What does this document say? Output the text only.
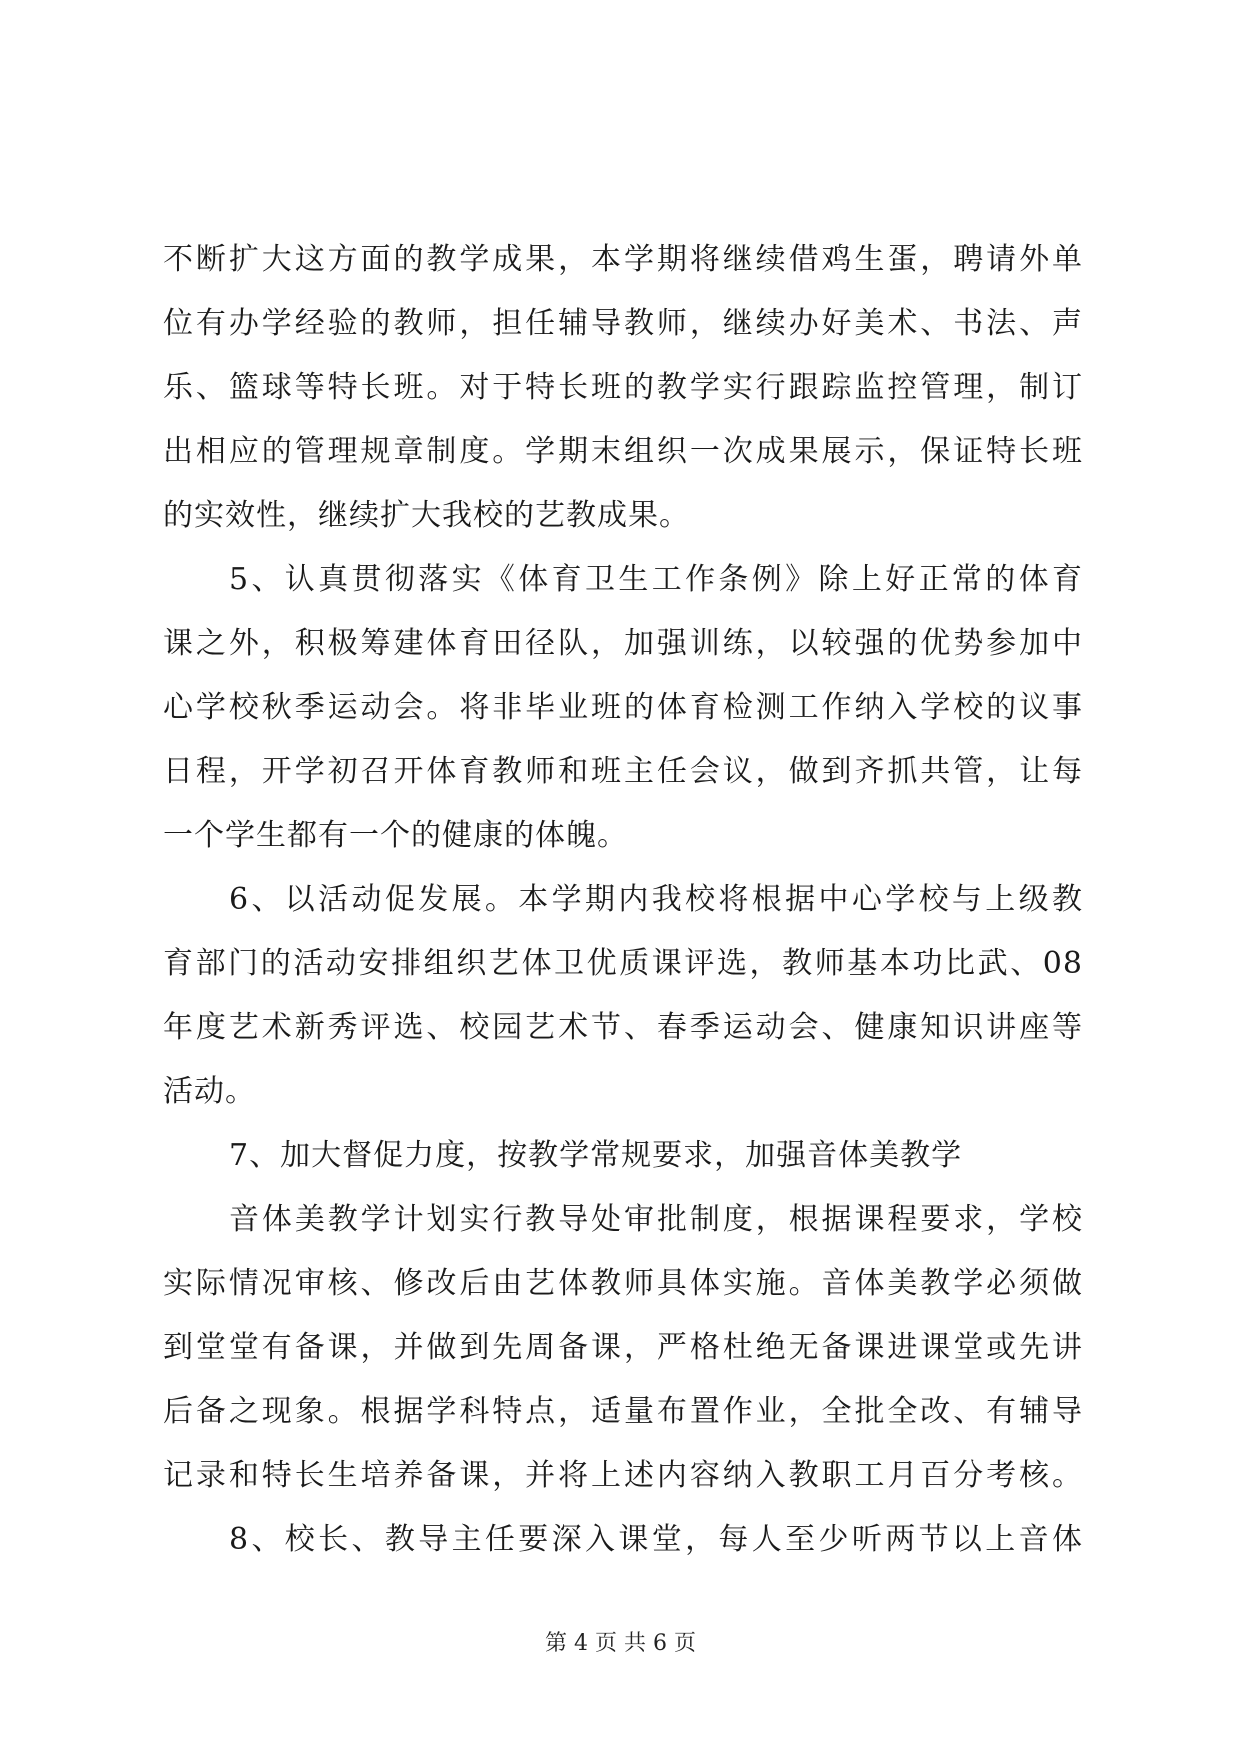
不断扩大这方面的教学成果，本学期将继续借鸡生蛋，聘请外单
位有办学经验的教师，担任辅导教师，继续办好美术、书法、声
乐、篮球等特长班。对于特长班的教学实行跟踪监控管理，制订
出相应的管理规章制度。学期末组织一次成果展示，保证特长班
的实效性，继续扩大我校的艺教成果。
5、认真贯彻落实《体育卫生工作条例》除上好正常的体育
课之外，积极筹建体育田径队，加强训练，以较强的优势参加中
心学校秋季运动会。将非毕业班的体育检测工作纳入学校的议事
日程，开学初召开体育教师和班主任会议，做到齐抓共管，让每
一个学生都有一个的健康的体魄。
6、以活动促发展。本学期内我校将根据中心学校与上级教
育部门的活动安排组织艺体卫优质课评选，教师基本功比武、08
年度艺术新秀评选、校园艺术节、春季运动会、健康知识讲座等
活动。
7、加大督促力度，按教学常规要求，加强音体美教学
音体美教学计划实行教导处审批制度，根据课程要求，学校
实际情况审核、修改后由艺体教师具体实施。音体美教学必须做
到堂堂有备课，并做到先周备课，严格杜绝无备课进课堂或先讲
后备之现象。根据学科特点，适量布置作业，全批全改、有辅导
记录和特长生培养备课，并将上述内容纳入教职工月百分考核。
8、校长、教导主任要深入课堂，每人至少听两节以上音体
第 4 页 共 6 页
